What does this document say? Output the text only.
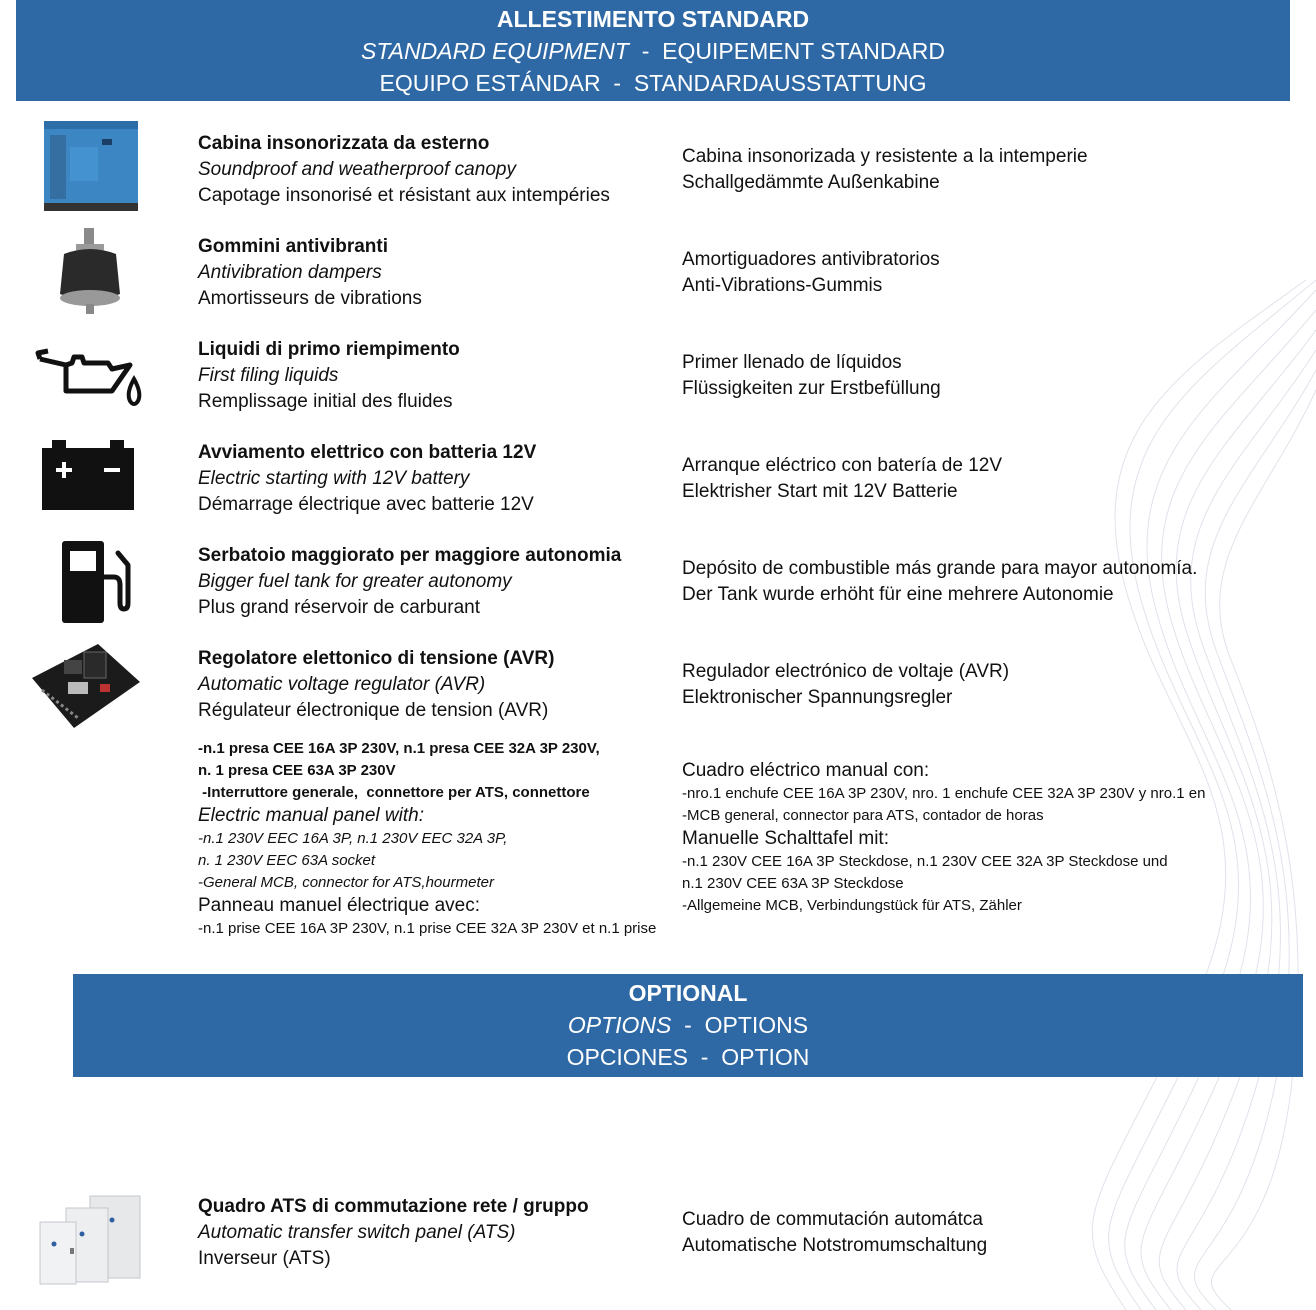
ALLESTIMENTO STANDARD
STANDARD EQUIPMENT  -  EQUIPEMENT STANDARD
EQUIPO ESTÁNDAR  -  STANDARDAUSSTATTUNG
Cabina insonorizzata da esterno
Soundproof and weatherproof canopy
Capotage insonorisé et résistant aux intempéries
Cabina insonorizada y resistente a la intemperie
Schallgedämmte Außenkabine
Gommini antivibranti
Antivibration dampers
Amortisseurs de vibrations
Amortiguadores antivibratorios
Anti-Vibrations-Gummis
Liquidi di primo riempimento
First filing liquids
Remplissage initial des fluides
Primer llenado de líquidos
Flüssigkeiten zur Erstbefüllung
Avviamento elettrico con batteria 12V
Electric starting with 12V battery
Démarrage électrique avec batterie 12V
Arranque eléctrico con batería de 12V
Elektrisher Start mit 12V Batterie
Serbatoio maggiorato per maggiore autonomia
Bigger fuel tank for greater autonomy
Plus grand réservoir de carburant
Depósito de combustible más grande para mayor autonomía.
Der Tank wurde erhöht für eine mehrere Autonomie
Regolatore elettonico di tensione (AVR)
Automatic voltage regulator (AVR)
Régulateur électronique de tension (AVR)
Regulador electrónico de voltaje (AVR)
Elektronischer Spannungsregler
-n.1 presa CEE 16A 3P 230V, n.1 presa CEE 32A 3P 230V,
n. 1 presa CEE 63A 3P 230V
-Interruttore generale,  connettore per ATS, connettore
Electric manual panel with:
-n.1 230V EEC 16A 3P, n.1 230V EEC 32A 3P,
n. 1 230V EEC 63A socket
-General MCB, connector for ATS,hourmeter
Panneau manuel électrique avec:
-n.1 prise CEE 16A 3P 230V, n.1 prise CEE 32A 3P 230V et n.1 prise
Cuadro eléctrico manual con:
-nro.1 enchufe CEE 16A 3P 230V, nro. 1 enchufe CEE 32A 3P 230V y nro.1 en
-MCB general, connector para ATS, contador de horas
Manuelle Schalttafel mit:
-n.1 230V CEE 16A 3P Steckdose, n.1 230V CEE 32A 3P Steckdose und
n.1 230V CEE 63A 3P Steckdose
-Allgemeine MCB, Verbindungstück für ATS, Zähler
OPTIONAL
OPTIONS  -  OPTIONS
OPCIONES  -  OPTION
Quadro ATS di commutazione rete / gruppo
Automatic transfer switch panel (ATS)
Inverseur (ATS)
Cuadro de commutación automátca
Automatische Notstromumschaltung
